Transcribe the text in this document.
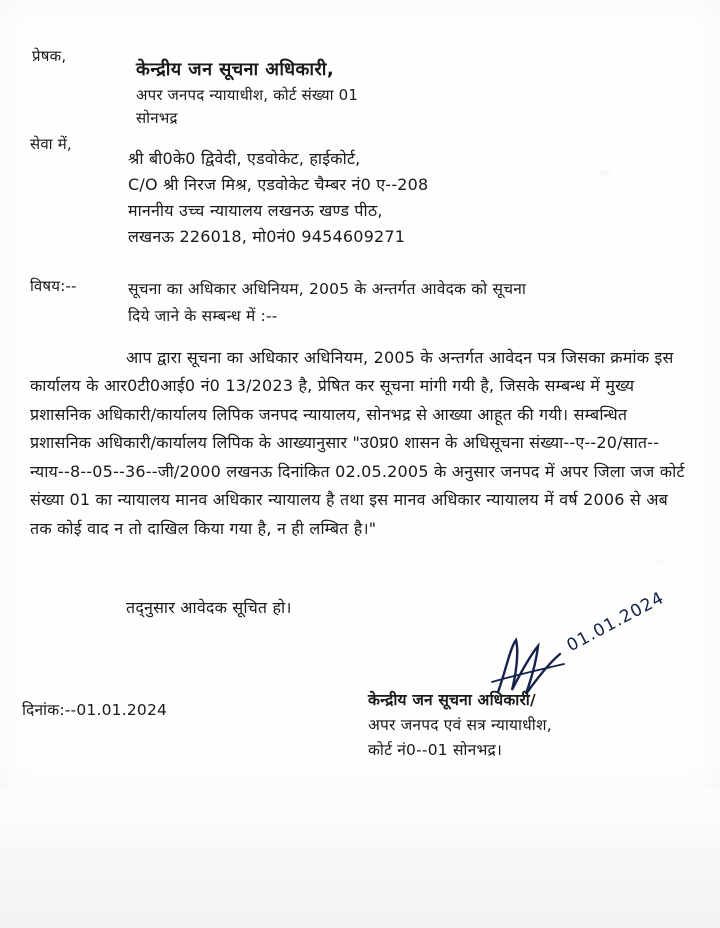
प्रेषक,
केन्द्रीय जन सूचना अधिकारी,
अपर जनपद न्यायाधीश, कोर्ट संख्या 01
सोनभद्र
सेवा में,
श्री बी0के0 द्विवेदी, एडवोकेट, हाईकोर्ट,
C/O श्री निरज मिश्र, एडवोकेट चैम्बर नं0 ए--208
माननीय उच्च न्यायालय लखनऊ खण्ड पीठ,
लखनऊ 226018, मो0नं0 9454609271
विषय:--	सूचना का अधिकार अधिनियम, 2005 के अन्तर्गत आवेदक को सूचना
दिये जाने के सम्बन्ध में :--

आप द्वारा सूचना का अधिकार अधिनियम, 2005 के अन्तर्गत आवेदन पत्र जिसका क्रमांक इस कार्यालय के आर0टी0आई0 नं0 13/2023 है, प्रेषित कर सूचना मांगी गयी है, जिसके सम्बन्ध में मुख्य प्रशासनिक अधिकारी/कार्यालय लिपिक जनपद न्यायालय, सोनभद्र से आख्या आहूत की गयी। सम्बन्धित प्रशासनिक अधिकारी/कार्यालय लिपिक के आख्यानुसार "उ0प्र0 शासन के अधिसूचना संख्या--ए--20/सात--न्याय--8--05--36--जी/2000 लखनऊ दिनांकित 02.05.2005 के अनुसार जनपद में अपर जिला जज कोर्ट संख्या 01 का न्यायालय मानव अधिकार न्यायालय है तथा इस मानव अधिकार न्यायालय में वर्ष 2006 से अब तक कोई वाद न तो दाखिल किया गया है, न ही लम्बित है।"

तद्नुसार आवेदक सूचित हो।
दिनांक:--01.01.2024
01.01.2024
केन्द्रीय जन सूचना अधिकारी/
अपर जनपद एवं सत्र न्यायाधीश,
कोर्ट नं0--01 सोनभद्र।
